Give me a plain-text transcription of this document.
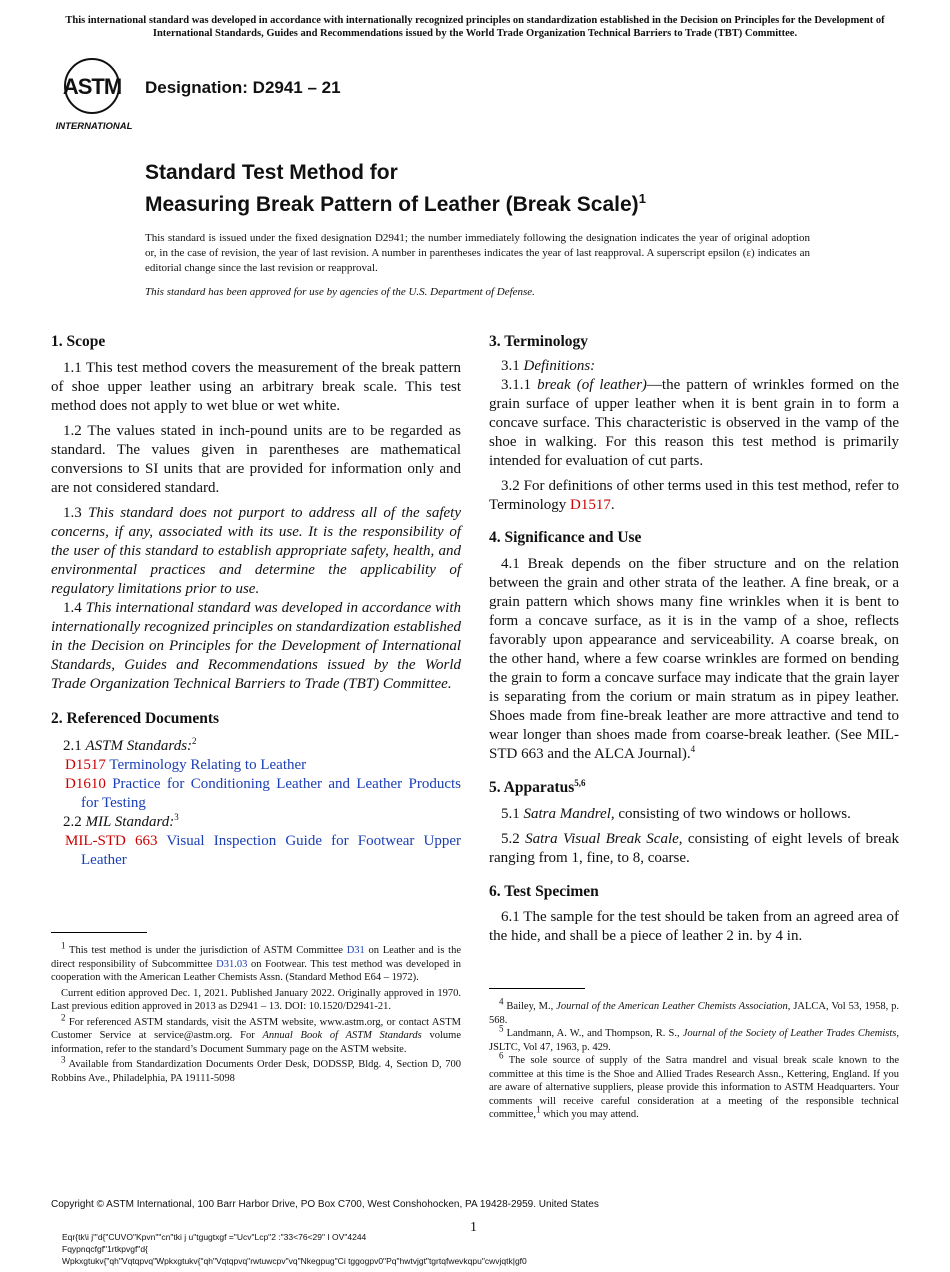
This international standard was developed in accordance with internationally recognized principles on standardization established in the Decision on Principles for the Development of International Standards, Guides and Recommendations issued by the World Trade Organization Technical Barriers to Trade (TBT) Committee.
ASTM
INTERNATIONAL
Designation: D2941 – 21
Standard Test Method for
Measuring Break Pattern of Leather (Break Scale)$^1$
This standard is issued under the fixed designation D2941; the number immediately following the designation indicates the year of original adoption or, in the case of revision, the year of last revision. A number in parentheses indicates the year of last reapproval. A superscript epsilon (ε) indicates an editorial change since the last revision or reapproval.
This standard has been approved for use by agencies of the U.S. Department of Defense.

1. Scope

1.1 This test method covers the measurement of the break pattern of shoe upper leather using an arbitrary break scale. This test method does not apply to wet blue or wet white.

1.2 The values stated in inch-pound units are to be regarded as standard. The values given in parentheses are mathematical conversions to SI units that are provided for information only and are not considered standard.

1.3 This standard does not purport to address all of the safety concerns, if any, associated with its use. It is the responsibility of the user of this standard to establish appropriate safety, health, and environmental practices and determine the applicability of regulatory limitations prior to use.

1.4 This international standard was developed in accordance with internationally recognized principles on standardization established in the Decision on Principles for the Development of International Standards, Guides and Recommendations issued by the World Trade Organization Technical Barriers to Trade (TBT) Committee.

2. Referenced Documents

2.1 ASTM Standards:$^2$

D1517 Terminology Relating to Leather

D1610 Practice for Conditioning Leather and Leather Products for Testing

2.2 MIL Standard:$^3$

MIL-STD 663 Visual Inspection Guide for Footwear Upper Leather

$^1$ This test method is under the jurisdiction of ASTM Committee D31 on Leather and is the direct responsibility of Subcommittee D31.03 on Footwear. This test method was developed in cooperation with the American Leather Chemists Assn. (Standard Method E64 – 1972).

Current edition approved Dec. 1, 2021. Published January 2022. Originally approved in 1970. Last previous edition approved in 2013 as D2941 – 13. DOI: 10.1520/D2941-21.

$^2$ For referenced ASTM standards, visit the ASTM website, www.astm.org, or contact ASTM Customer Service at service@astm.org. For Annual Book of ASTM Standards volume information, refer to the standard’s Document Summary page on the ASTM website.

$^3$ Available from Standardization Documents Order Desk, DODSSP, Bldg. 4, Section D, 700 Robbins Ave., Philadelphia, PA 19111-5098

3. Terminology

3.1 Definitions:

3.1.1 break (of leather)—the pattern of wrinkles formed on the grain surface of upper leather when it is bent grain in to form a concave surface. This characteristic is observed in the vamp of the shoe in walking. For this reason this test method is primarily intended for evaluation of cut parts.

3.2 For definitions of other terms used in this test method, refer to Terminology D1517.

4. Significance and Use

4.1 Break depends on the fiber structure and on the relation between the grain and other strata of the leather. A fine break, or a grain pattern which shows many fine wrinkles when it is bent to form a concave surface, as it is in the vamp of a shoe, reflects favorably upon appearance and serviceability. A coarse break, on the other hand, where a few coarse wrinkles are formed on bending the grain to form a concave surface may indicate that the grain layer is separating from the corium or main stratum as in pipey leather. Shoes made from fine-break leather are more attractive and tend to wear longer than shoes made from coarse-break leather. (See MIL-STD 663 and the ALCA Journal).$^4$

5. Apparatus$^{5,6}$

5.1 Satra Mandrel, consisting of two windows or hollows.

5.2 Satra Visual Break Scale, consisting of eight levels of break ranging from 1, fine, to 8, coarse.

6. Test Specimen

6.1 The sample for the test should be taken from an agreed area of the hide, and shall be a piece of leather 2 in. by 4 in.

$^4$ Bailey, M., Journal of the American Leather Chemists Association, JALCA, Vol 53, 1958, p. 568.

$^5$ Landmann, A. W., and Thompson, R. S., Journal of the Society of Leather Trades Chemists, JSLTC, Vol 47, 1963, p. 429.

$^6$ The sole source of supply of the Satra mandrel and visual break scale known to the committee at this time is the Shoe and Allied Trades Research Assn., Kettering, England. If you are aware of alternative suppliers, please provide this information to ASTM Headquarters. Your comments will receive careful consideration at a meeting of the responsible technical committee,$^1$ which you may attend.

Copyright © ASTM International, 100 Barr Harbor Drive, PO Box C700, West Conshohocken, PA 19428-2959. United States
1
Eqr{tk\i j'"d{"CUVO"Kpvn""cn"tki j u"tgugtxgf ="Ucv"Lcp"2 :"33<76<29" I OV"4244
Fqypnqcfgf"1rtkpvgf"d{
Wpkxgtukv{"qh"Vqtqpvq"Wpkxgtukv{"qh"Vqtqpvq"rwtuwcpv"vq"Nkegpug"Ci tggogpv0"Pq"hwtvjgt"tgrtqfwevkqpu"cwvjqtk|gf0
